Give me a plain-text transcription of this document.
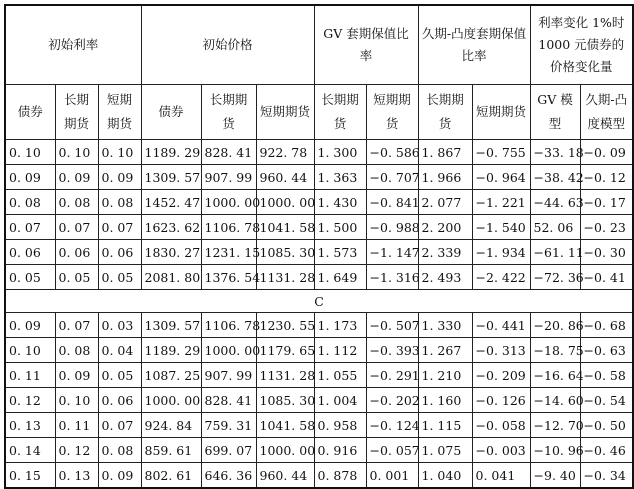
初始利率			初始价格			GV 套期保值比率		久期-凸度套期保值比率		利率变化 1%时 1000 元债券的价格变化量	
债券	长期期货	短期期货	债券	长期期货	短期期货	长期期货	短期期货	长期期货	短期期货	GV 模型	久期-凸度模型
0. 10	0. 10	0. 10	1189. 29	828. 41	922. 78	1. 300	−0. 586	1. 867	−0. 755	−33. 18	−0. 09
0. 09	0. 09	0. 09	1309. 57	907. 99	960. 44	1. 363	−0. 707	1. 966	−0. 964	−38. 42	−0. 12
0. 08	0. 08	0. 08	1452. 47	1000. 00	1000. 00	1. 430	−0. 841	2. 077	−1. 221	−44. 63	−0. 17
0. 07	0. 07	0. 07	1623. 62	1106. 78	1041. 58	1. 500	−0. 988	2. 200	−1. 540	52. 06	−0. 23
0. 06	0. 06	0. 06	1830. 27	1231. 15	1085. 30	1. 573	−1. 147	2. 339	−1. 934	−61. 11	−0. 30
0. 05	0. 05	0. 05	2081. 80	1376. 54	1131. 28	1. 649	−1. 316	2. 493	−2. 422	−72. 36	−0. 41
C											
0. 09	0. 07	0. 03	1309. 57	1106. 78	1230. 55	1. 173	−0. 507	1. 330	−0. 441	−20. 86	−0. 68
0. 10	0. 08	0. 04	1189. 29	1000. 00	1179. 65	1. 112	−0. 393	1. 267	−0. 313	−18. 75	−0. 63
0. 11	0. 09	0. 05	1087. 25	907. 99	1131. 28	1. 055	−0. 291	1. 210	−0. 209	−16. 64	−0. 58
0. 12	0. 10	0. 06	1000. 00	828. 41	1085. 30	1. 004	−0. 202	1. 160	−0. 126	−14. 60	−0. 54
0. 13	0. 11	0. 07	924. 84	759. 31	1041. 58	0. 958	−0. 124	1. 115	−0. 058	−12. 70	−0. 50
0. 14	0. 12	0. 08	859. 61	699. 07	1000. 00	0. 916	−0. 057	1. 075	−0. 003	−10. 96	−0. 46
0. 15	0. 13	0. 09	802. 61	646. 36	960. 44	0. 878	0. 001	1. 040	0. 041	−9. 40	−0. 34
